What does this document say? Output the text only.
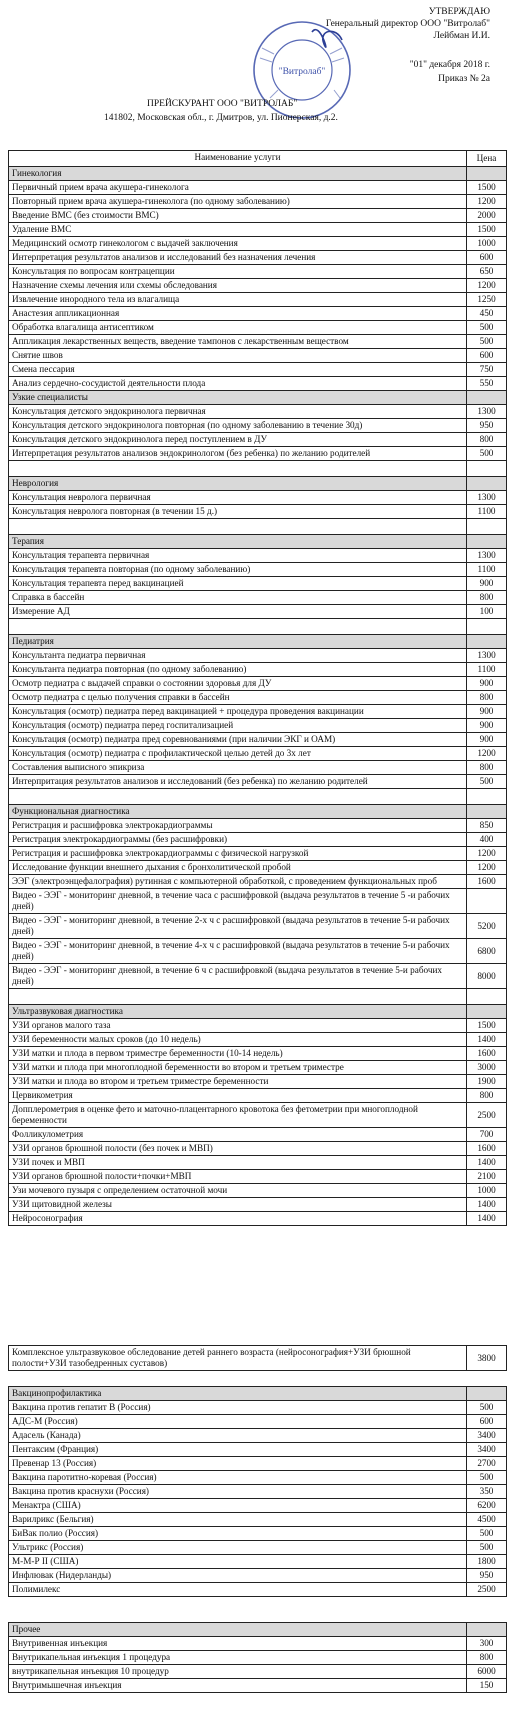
УТВЕРЖДАЮ
Генеральный директор ООО "Витролаб"
Лейбман И.И.
"01" декабря 2018 г.
Приказ № 2а
"Витролаб"
ПРЕЙСКУРАНТ ООО "ВИТРОЛАБ"
141802, Московская обл., г. Дмитров, ул. Пионерская, д.2.
Наименование услуги	Цена
Гинекология	
Первичный прием врача акушера-гинеколога	1500
Повторный прием врача акушера-гинеколога (по одному заболеванию)	1200
Введение ВМС (без стоимости ВМС)	2000
Удаление ВМС	1500
Медицинский осмотр гинекологом с выдачей заключения	1000
Интерпретация результатов анализов и исследований без назначения лечения	600
Консультация по вопросам контрацепции	650
Назначение схемы лечения или схемы обследования	1200
Извлечение инородного тела из влагалища	1250
Анастезия аппликационная	450
Обработка влагалища антисептиком	500
Аппликация лекарственных веществ, введение тампонов с лекарственным веществом	500
Снятие швов	600
Смена пессария	750
Анализ сердечно-сосудистой деятельности плода	550
Узкие специалисты	
Консультация детского эндокринолога первичная	1300
Консультация детского эндокринолога повторная (по одному заболеванию в течение 30д)	950
Консультация детского эндокринолога перед поступлением в ДУ	800
Интерпретация результатов анализов эндокринологом (без ребенка) по желанию родителей	500

Неврология	
Консультация невролога первичная	1300
Консультация невролога повторная (в течении 15 д.)	1100

Терапия	
Консультация терапевта первичная	1300
Консультация терапевта повторная (по одному заболеванию)	1100
Консультация терапевта перед вакцинацией	900
Справка в бассейн	800
Измерение АД	100

Педиатрия	
Консультанта педиатра первичная	1300
Консультанта педиатра повторная (по одному заболеванию)	1100
Осмотр педиатра с выдачей справки о состоянии здоровья для ДУ	900
Осмотр педиатра с целью получения справки в бассейн	800
Консультация (осмотр) педиатра перед вакцинацией + процедура проведения вакцинации	900
Консультация (осмотр) педиатра перед госпитализацией	900
Консультация (осмотр) педиатра пред соревнованиями (при наличии ЭКГ и ОАМ)	900
Консультация (осмотр) педиатра с профилактической целью детей до 3х лет	1200
Составления выписного эпикриза	800
Интерпритация результатов анализов и исследований (без ребенка) по желанию родителей	500

Функциональная диагностика	
Регистрация и расшифровка электрокардиограммы	850
Регистрация электрокардиограммы (без расшифровки)	400
Регистрация и расшифровка электрокардиограммы с физической нагрузкой	1200
Исследование функции внешнего дыхания с бронхолитической пробой	1200
ЭЭГ (электроэнцефалография) рутинная с компьютерной обработкой, с проведением функциональных проб	1600
Видео - ЭЭГ - мониторинг дневной, в течение часа с расшифровкой (выдача результатов в течение 5 -и рабочих дней)	
Видео - ЭЭГ - мониторинг дневной, в течение 2-х ч с расшифровкой (выдача результатов в течение 5-и рабочих дней)	5200
Видео - ЭЭГ - мониторинг дневной, в течение 4-х ч с расшифровкой (выдача результатов в течение 5-и рабочих дней)	6800
Видео - ЭЭГ - мониторинг дневной, в течение 6 ч с расшифровкой (выдача результатов в течение 5-и рабочих дней)	8000

Ультразвуковая диагностика	
УЗИ органов малого таза	1500
УЗИ беременности малых сроков (до 10 недель)	1400
УЗИ матки и плода в первом триместре беременности (10-14 недель)	1600
УЗИ матки и плода при многоплодной беременности во втором и третьем триместре	3000
УЗИ матки и плода во втором и третьем триместре беременности	1900
Цервикометрия	800
Допплерометрия в оценке фето и маточно-плацентарного кровотока без фетометрии при многоплодной беременности	2500
Фолликулометрия	700
УЗИ органов брюшной полости (без почек и МВП)	1600
УЗИ почек и МВП	1400
УЗИ органов брюшной полости+почки+МВП	2100
Узи мочевого пузыря с определением остаточной мочи	1000
УЗИ щитовидной железы	1400
Нейросонография	1400
Комплексное ультразвуковое обследование детей раннего возраста (нейросонография+УЗИ брюшной полости+УЗИ тазобедренных суставов)	3800
Вакцинопрофилактика	
Вакцина против гепатит В (Россия)	500
АДС-М (Россия)	600
Адасель (Канада)	3400
Пентаксим (Франция)	3400
Превенар 13 (Россия)	2700
Вакцина паротитно-коревая (Россия)	500
Вакцина против краснухи (Россия)	350
Менактра (США)	6200
Варилрикс (Бельгия)	4500
БиВак полио (Россия)	500
Ультрикс (Россия)	500
М-М-Р II (США)	1800
Инфлювак (Нидерланды)	950
Полимилекс	2500
Прочее	
Внутривенная инъекция	300
Внутрикапельная инъекция 1 процедура	800
внутрикапельная инъекция 10 процедур	6000
Внутримышечная инъекция	150
